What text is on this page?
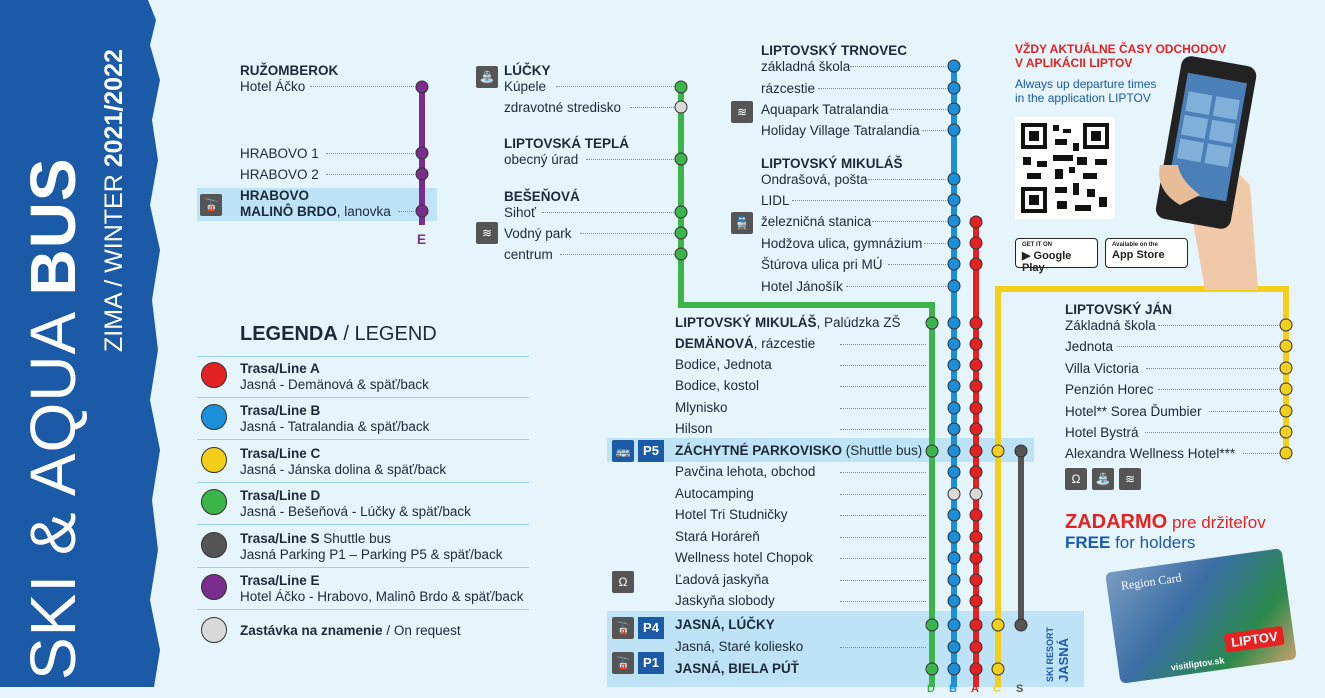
SKI & AQUA BUS ZIMA / WINTER 2021/2022	RUŽOMBEROK
Hotel Áčko
HRABOVO 1
HRABOVO 2
HRABOVO
MALINÔ BRDO, lanovka
🚡
E
⛲
≋
LÚČKY
Kúpele
zdravotné stredisko
LIPTOVSKÁ TEPLÁ
obecný úrad
BEŠEŇOVÁ
Sihoť
Vodný park
centrum
≋
🚆
LIPTOVSKÝ TRNOVEC
základná škola
rázcestie
Aquapark Tatralandia
Holiday Village Tatralandia
LIPTOVSKÝ MIKULÁŠ
Ondrašová, pošta
LIDL
železničná stanica
Hodžova ulica, gymnázium
Štúrova ulica pri MÚ
Hotel Jánošík
LIPTOVSKÝ MIKULÁŠ, Palúdzka ZŠ
DEMÄNOVÁ, rázcestie
Bodice, Jednota
Bodice, kostol
Mlynisko
Hilson
ZÁCHYTNÉ PARKOVISKO (Shuttle bus)
Pavčina lehota, obchod
Autocamping
Hotel Tri Studničky
Stará Horáreň
Wellness hotel Chopok
Ľadová jaskyňa
Jaskyňa slobody
JASNÁ, LÚČKY
Jasná, Staré koliesko
JASNÁ, BIELA PÚŤ
🚌 P5
Ω
🚡 P4
🚡 P1	SKI RESORT JASNÁ
LIPTOVSKÝ JÁN
Základná škola
Jednota
Villa Victoria
Penzión Horec
Hotel** Sorea Ďumbier
Hotel Bystrá
Alexandra Wellness Hotel***
Ω	⛲	≋
D B A C S
LEGENDA / LEGEND
Trasa/Line A
Jasná - Demänová & späť/back
Trasa/Line B
Jasná - Tatralandia & späť/back
Trasa/Line C
Jasná - Jánska dolina & späť/back
Trasa/Line D
Jasná - Bešeňová - Lúčky & späť/back
Trasa/Line S Shuttle bus
Jasná Parking P1 – Parking P5 & späť/back
Trasa/Line E
Hotel Áčko - Hrabovo, Malinô Brdo & späť/back
Zastávka na znamenie / On request
VŽDY AKTUÁLNE ČASY ODCHODOV
V APLIKÁCII LIPTOV
Always up departure times
in the application LIPTOV
GET IT ON
▶ Google Play
Available on the
App Store
ZADARMO pre držiteľov
FREE for holders
Region Card
LIPTOV
visitliptov.sk
